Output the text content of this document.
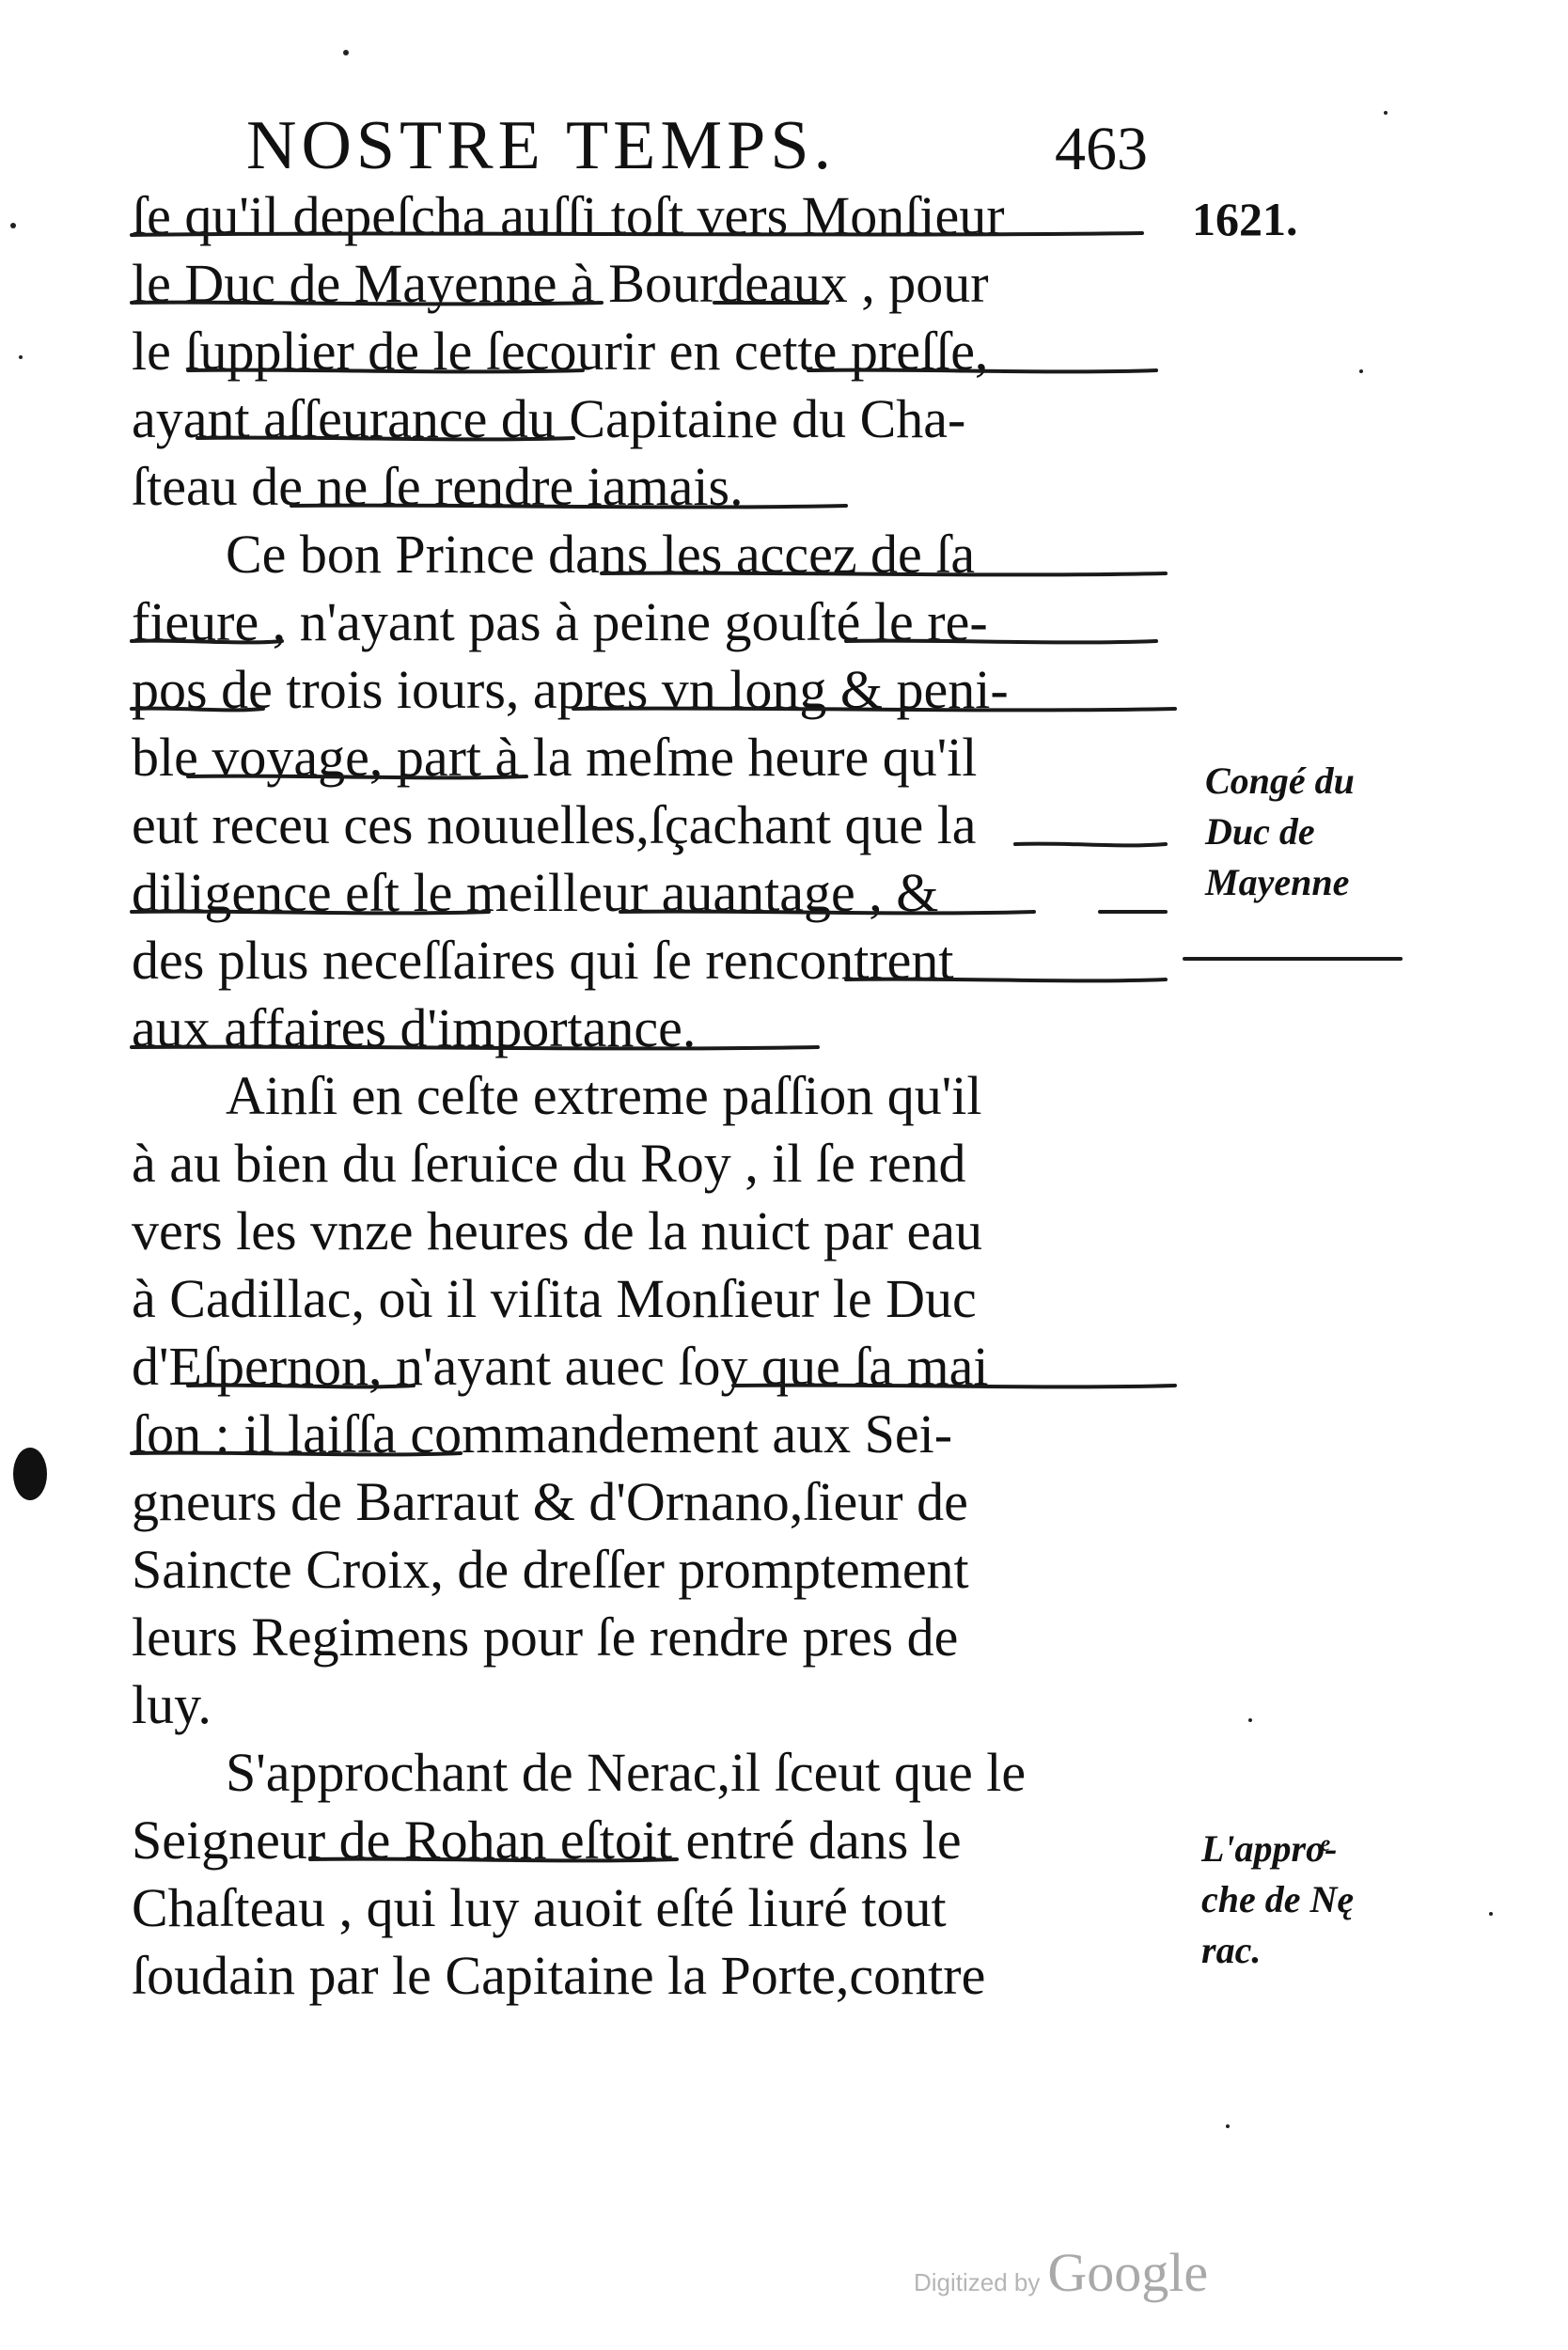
NOSTRE TEMPS.	463
1621.

ſe qu'il depeſcha auſſi toſt vers Monſieur
le Duc de Mayenne à Bourdeaux , pour
le ſupplier de le ſecourir en cette preſſe,
ayant aſſeurance du Capitaine du Cha-
ſteau de ne ſe rendre iamais.

Ce bon Prince dans les accez de ſa
fieure , n'ayant pas à peine gouſté le re-
pos de trois iours, apres vn long & peni-
ble voyage, part à la meſme heure qu'il
eut receu ces nouuelles,ſçachant que la
diligence eſt le meilleur auantage , &
des plus neceſſaires qui ſe rencontrent
aux affaires d'importance.

Ainſi en ceſte extreme paſſion qu'il
à au bien du ſeruice du Roy , il ſe rend
vers les vnze heures de la nuict par eau
à Cadillac, où il viſita Monſieur le Duc
d'Eſpernon, n'ayant auec ſoy que ſa mai
ſon : il laiſſa commandement aux Sei-
gneurs de Barraut & d'Ornano,ſieur de
Saincte Croix, de dreſſer promptement
leurs Regimens pour ſe rendre pres de
luy.

S'approchant de Nerac,il ſceut que le
Seigneur de Rohan eſtoit entré dans le
Chaſteau , qui luy auoit eſté liuré tout
ſoudain par le Capitaine la Porte,contre

Congé du
Duc de
Mayenne
L'approͤ-
che de Nę
rac.
Digitized by Google
